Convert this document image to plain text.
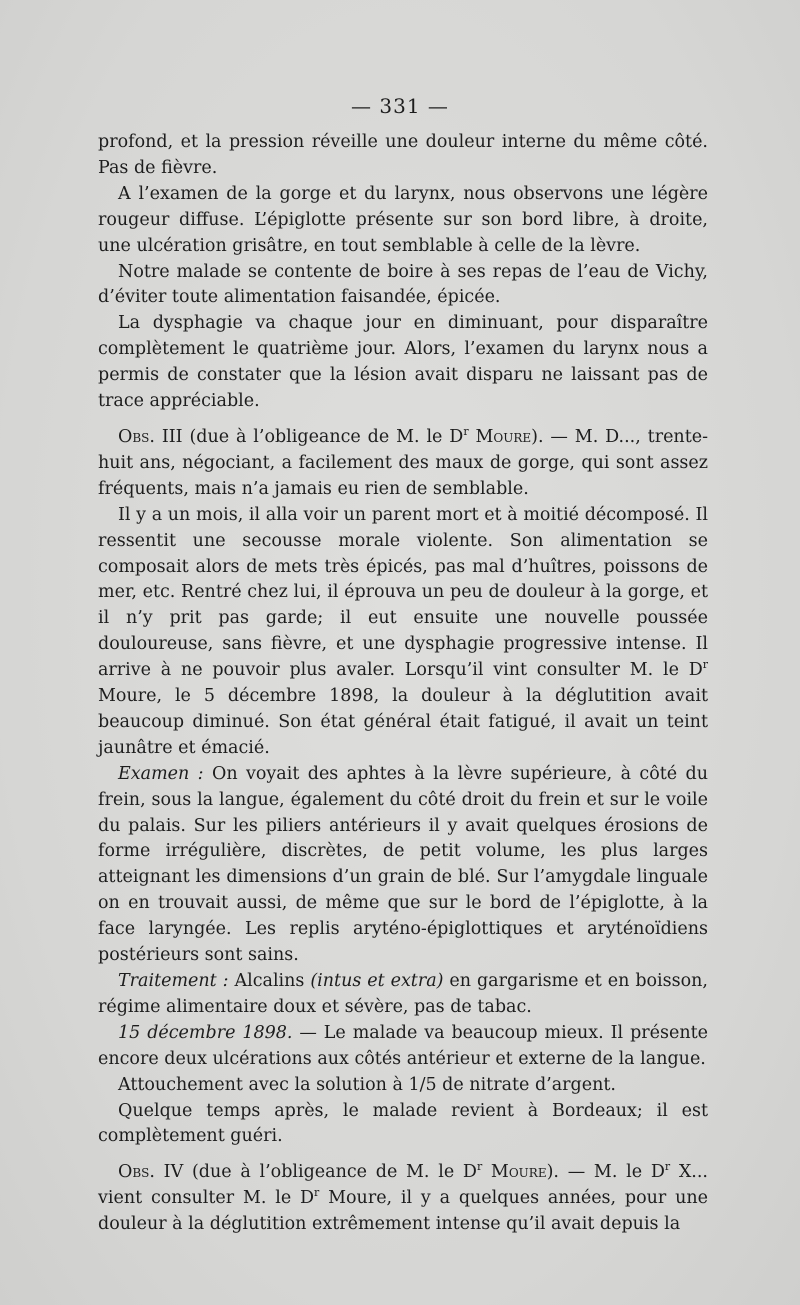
— 331 —

profond, et la pression réveille une douleur interne du même côté. Pas de fièvre.

A l’examen de la gorge et du larynx, nous observons une légère rougeur diffuse. L’épiglotte présente sur son bord libre, à droite, une ulcération grisâtre, en tout semblable à celle de la lèvre.

Notre malade se contente de boire à ses repas de l’eau de Vichy, d’éviter toute alimentation faisandée, épicée.

La dysphagie va chaque jour en diminuant, pour disparaître complètement le quatrième jour. Alors, l’examen du larynx nous a permis de constater que la lésion avait disparu ne laissant pas de trace appréciable.

Obs. III (due à l’obligeance de M. le $D^r$ Moure). — M. D..., trente-huit ans, négociant, a facilement des maux de gorge, qui sont assez fréquents, mais n’a jamais eu rien de semblable.

Il y a un mois, il alla voir un parent mort et à moitié décomposé. Il ressentit une secousse morale violente. Son alimentation se composait alors de mets très épicés, pas mal d’huîtres, poissons de mer, etc. Rentré chez lui, il éprouva un peu de douleur à la gorge, et il n’y prit pas garde; il eut ensuite une nouvelle poussée douloureuse, sans fièvre, et une dysphagie progressive intense. Il arrive à ne pouvoir plus avaler. Lorsqu’il vint consulter M. le $D^r$ Moure, le 5 décembre 1898, la douleur à la déglutition avait beaucoup diminué. Son état général était fatigué, il avait un teint jaunâtre et émacié.

Examen : On voyait des aphtes à la lèvre supérieure, à côté du frein, sous la langue, également du côté droit du frein et sur le voile du palais. Sur les piliers antérieurs il y avait quelques érosions de forme irrégulière, discrètes, de petit volume, les plus larges atteignant les dimensions d’un grain de blé. Sur l’amygdale linguale on en trouvait aussi, de même que sur le bord de l’épiglotte, à la face laryngée. Les replis aryténo-épiglottiques et aryténoïdiens postérieurs sont sains.

Traitement : Alcalins (intus et extra) en gargarisme et en boisson, régime alimentaire doux et sévère, pas de tabac.

15 décembre 1898. — Le malade va beaucoup mieux. Il présente encore deux ulcérations aux côtés antérieur et externe de la langue.

Attouchement avec la solution à 1/5 de nitrate d’argent.

Quelque temps après, le malade revient à Bordeaux; il est complètement guéri.

Obs. IV (due à l’obligeance de M. le $D^r$ Moure). — M. le $D^r$ X... vient consulter M. le $D^r$ Moure, il y a quelques années, pour une douleur à la déglutition extrêmement intense qu’il avait depuis la
